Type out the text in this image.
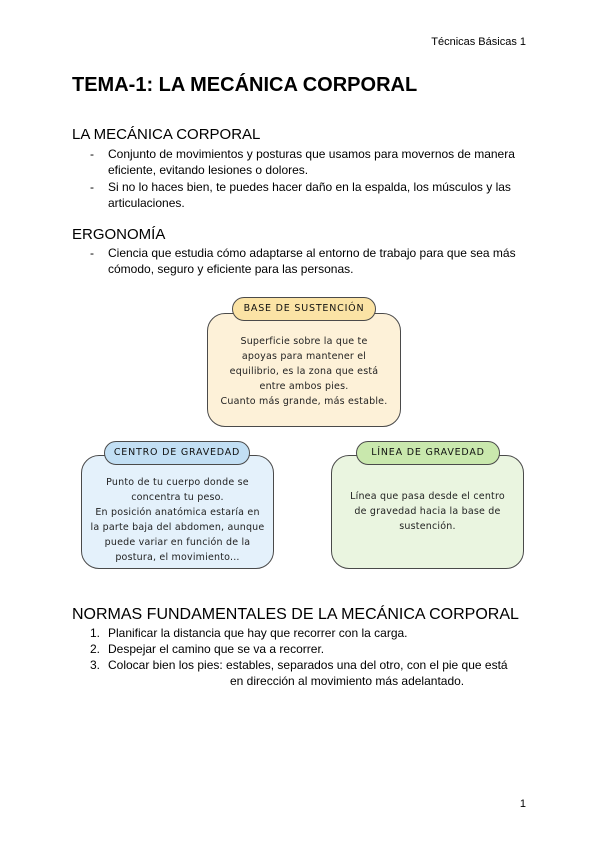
Técnicas Básicas 1
TEMA-1: LA MECÁNICA CORPORAL
LA MECÁNICA CORPORAL
- Conjunto de movimientos y posturas que usamos para movernos de manera eficiente, evitando lesiones o dolores.
- Si no lo haces bien, te puedes hacer daño en la espalda, los músculos y las articulaciones.
ERGONOMÍA
- Ciencia que estudia cómo adaptarse al entorno de trabajo para que sea más cómodo, seguro y eficiente para las personas.
Superficie sobre la que te
apoyas para mantener el
equilibrio, es la zona que está
entre ambos pies.
Cuanto más grande, más estable.
BASE DE SUSTENCIÓN
Punto de tu cuerpo donde se
concentra tu peso.
En posición anatómica estaría en
la parte baja del abdomen, aunque
puede variar en función de la
postura, el movimiento...
CENTRO DE GRAVEDAD
Línea que pasa desde el centro
de gravedad hacia la base de
sustención.
LÍNEA DE GRAVEDAD
NORMAS FUNDAMENTALES DE LA MECÁNICA CORPORAL
1. Planificar la distancia que hay que recorrer con la carga.
2. Despejar el camino que se va a recorrer.
3. Colocar bien los pies: estables, separados una del otro, con el pie que está
en dirección al movimiento más adelantado.
1
